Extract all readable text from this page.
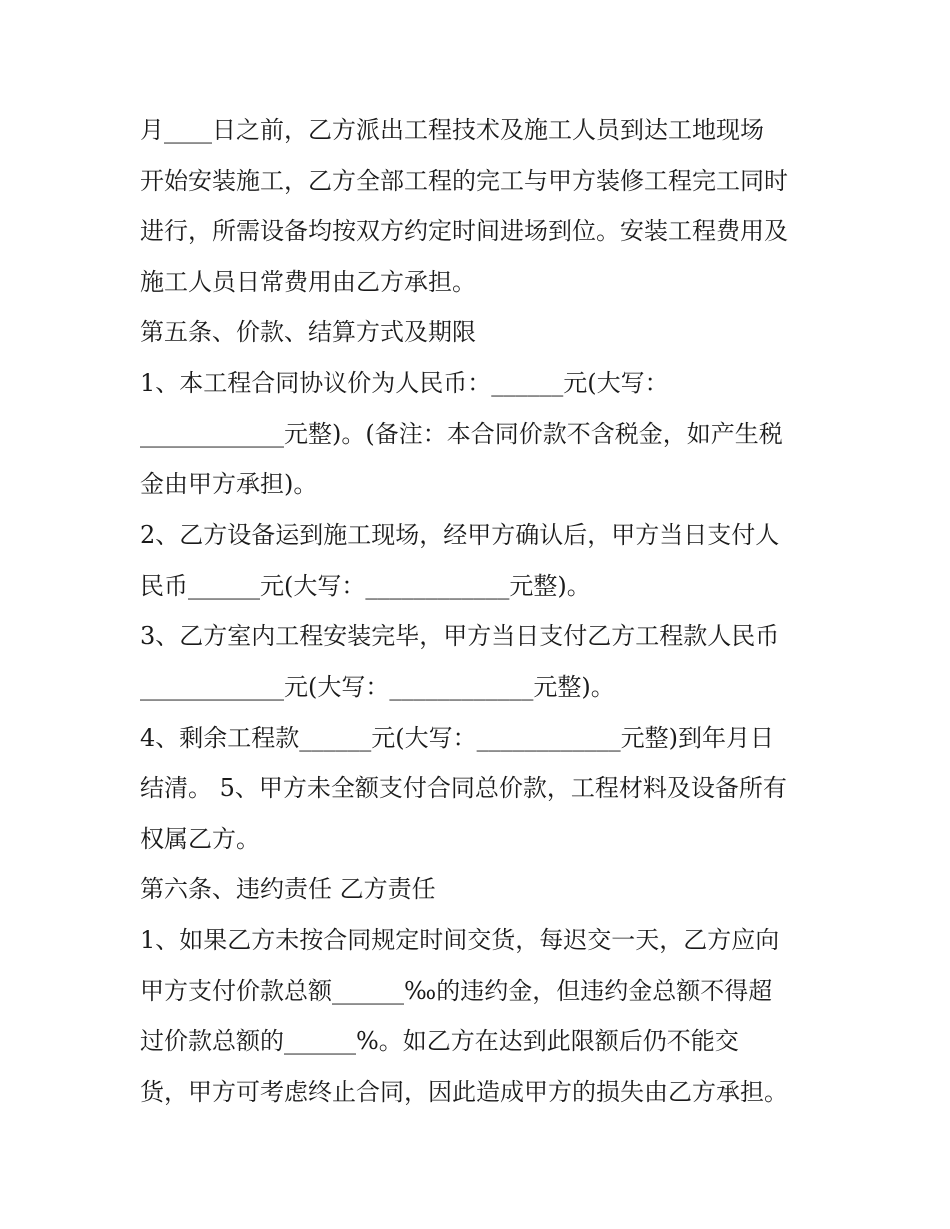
月____日之前，乙方派出工程技术及施工人员到达工地现场
开始安装施工，乙方全部工程的完工与甲方装修工程完工同时
进行，所需设备均按双方约定时间进场到位。安装工程费用及
施工人员日常费用由乙方承担。
第五条、价款、结算方式及期限
1、本工程合同协议价为人民币：______元(大写：
____________元整)。(备注：本合同价款不含税金，如产生税
金由甲方承担)。
2、乙方设备运到施工现场，经甲方确认后，甲方当日支付人
民币______元(大写：____________元整)。
3、乙方室内工程安装完毕，甲方当日支付乙方工程款人民币
____________元(大写：____________元整)。
4、剩余工程款______元(大写：____________元整)到年月日
结清。 5、甲方未全额支付合同总价款，工程材料及设备所有
权属乙方。
第六条、违约责任 乙方责任
1、如果乙方未按合同规定时间交货，每迟交一天，乙方应向
甲方支付价款总额______‰的违约金，但违约金总额不得超
过价款总额的______%。如乙方在达到此限额后仍不能交
货，甲方可考虑终止合同，因此造成甲方的损失由乙方承担。
